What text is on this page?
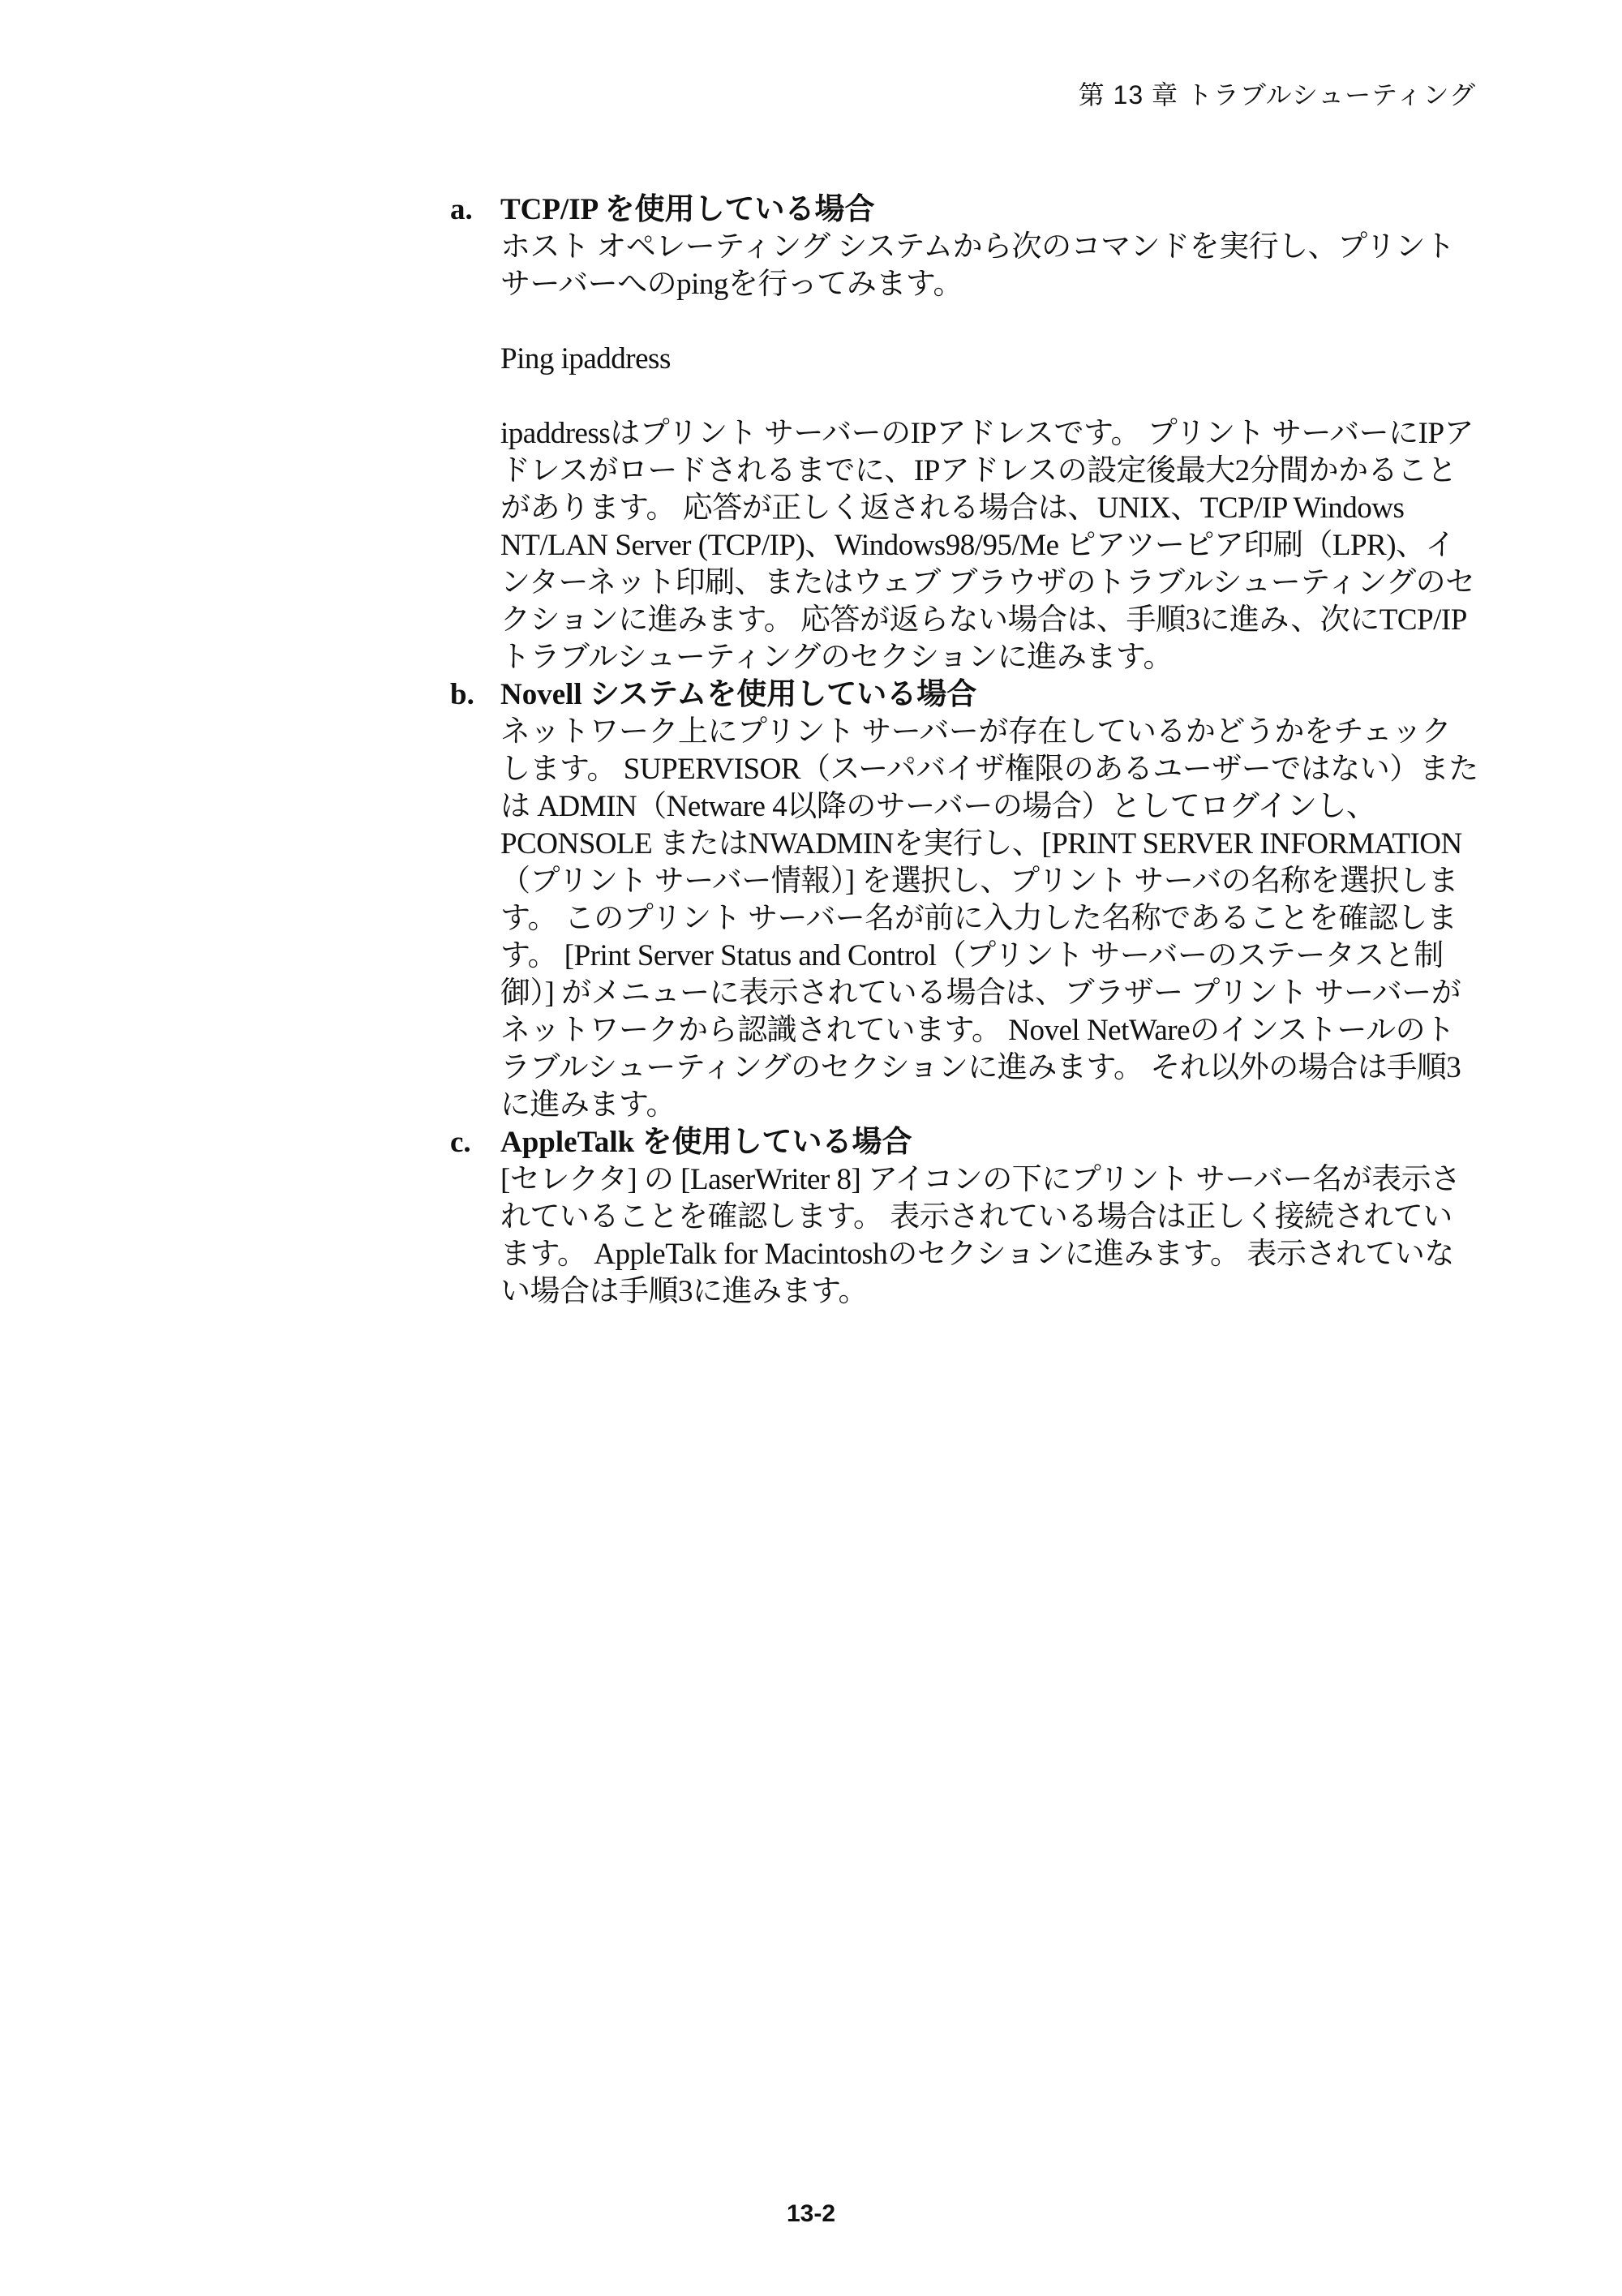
第 13 章 トラブルシューティング
a. TCP/IP を使用している場合

ホスト オペレーティング システムから次のコマンドを実行し、プリント サーバーへのpingを行ってみます。

Ping ipaddress

ipaddressはプリント サーバーのIPアドレスです。 プリント サーバーにIPアドレスがロードされるまでに、IPアドレスの設定後最大2分間かかることがあります。 応答が正しく返される場合は、UNIX、TCP/IP Windows NT/LAN Server (TCP/IP)、Windows98/95/Me ピアツーピア印刷（LPR)、インターネット印刷、またはウェブ ブラウザのトラブルシューティングのセクションに進みます。 応答が返らない場合は、手順3に進み、次にTCP/IPトラブルシューティングのセクションに進みます。

b. Novell システムを使用している場合

ネットワーク上にプリント サーバーが存在しているかどうかをチェックします。 SUPERVISOR（スーパバイザ権限のあるユーザーではない）または ADMIN（Netware 4以降のサーバーの場合）としてログインし、PCONSOLE またはNWADMINを実行し、[PRINT SERVER INFORMATION（プリント サーバー情報）] を選択し、プリント サーバの名称を選択します。 このプリント サーバー名が前に入力した名称であることを確認します。 [Print Server Status and Control（プリント サーバーのステータスと制御）] がメニューに表示されている場合は、ブラザー プリント サーバーがネットワークから認識されています。 Novel NetWareのインストールのトラブルシューティングのセクションに進みます。 それ以外の場合は手順3に進みます。

c. AppleTalk を使用している場合

[セレクタ] の [LaserWriter 8] アイコンの下にプリント サーバー名が表示されていることを確認します。 表示されている場合は正しく接続されています。 AppleTalk for Macintoshのセクションに進みます。 表示されていない場合は手順3に進みます。

13-2
